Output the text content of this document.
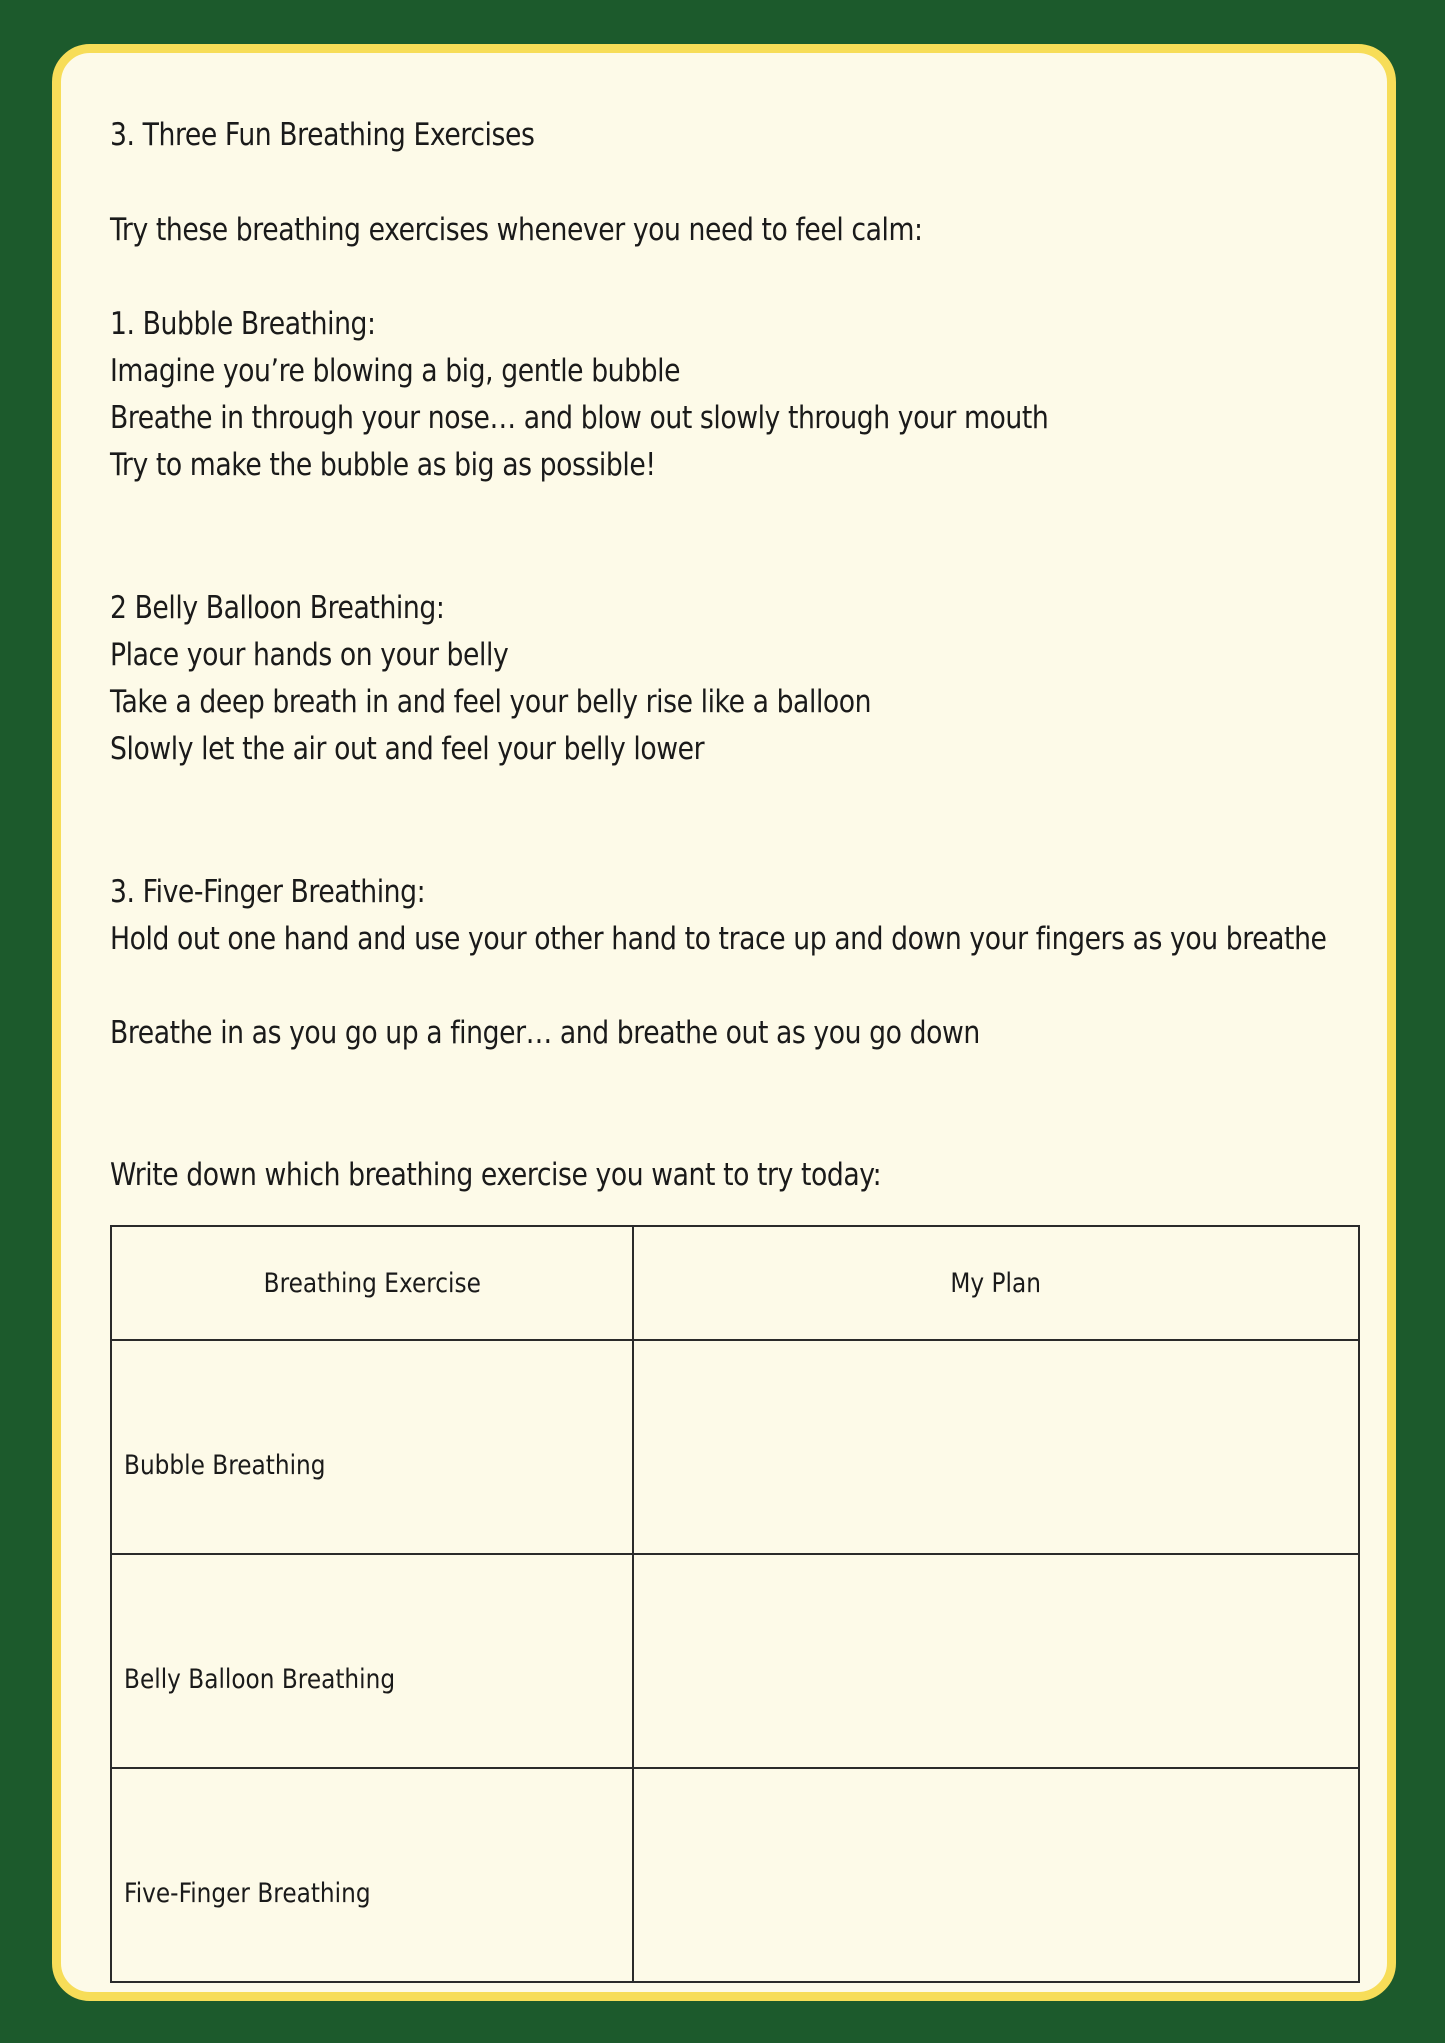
3. Three Fun Breathing Exercises
Try these breathing exercises whenever you need to feel calm:
1. Bubble Breathing:
Imagine you’re blowing a big, gentle bubble
Breathe in through your nose… and blow out slowly through your mouth
Try to make the bubble as big as possible!
2 Belly Balloon Breathing:
Place your hands on your belly
Take a deep breath in and feel your belly rise like a balloon
Slowly let the air out and feel your belly lower
3. Five-Finger Breathing:
Hold out one hand and use your other hand to trace up and down your fingers as you breathe
Breathe in as you go up a finger… and breathe out as you go down
Write down which breathing exercise you want to try today:
Breathing Exercise	My Plan
Bubble Breathing	
Belly Balloon Breathing	
Five-Finger Breathing	
